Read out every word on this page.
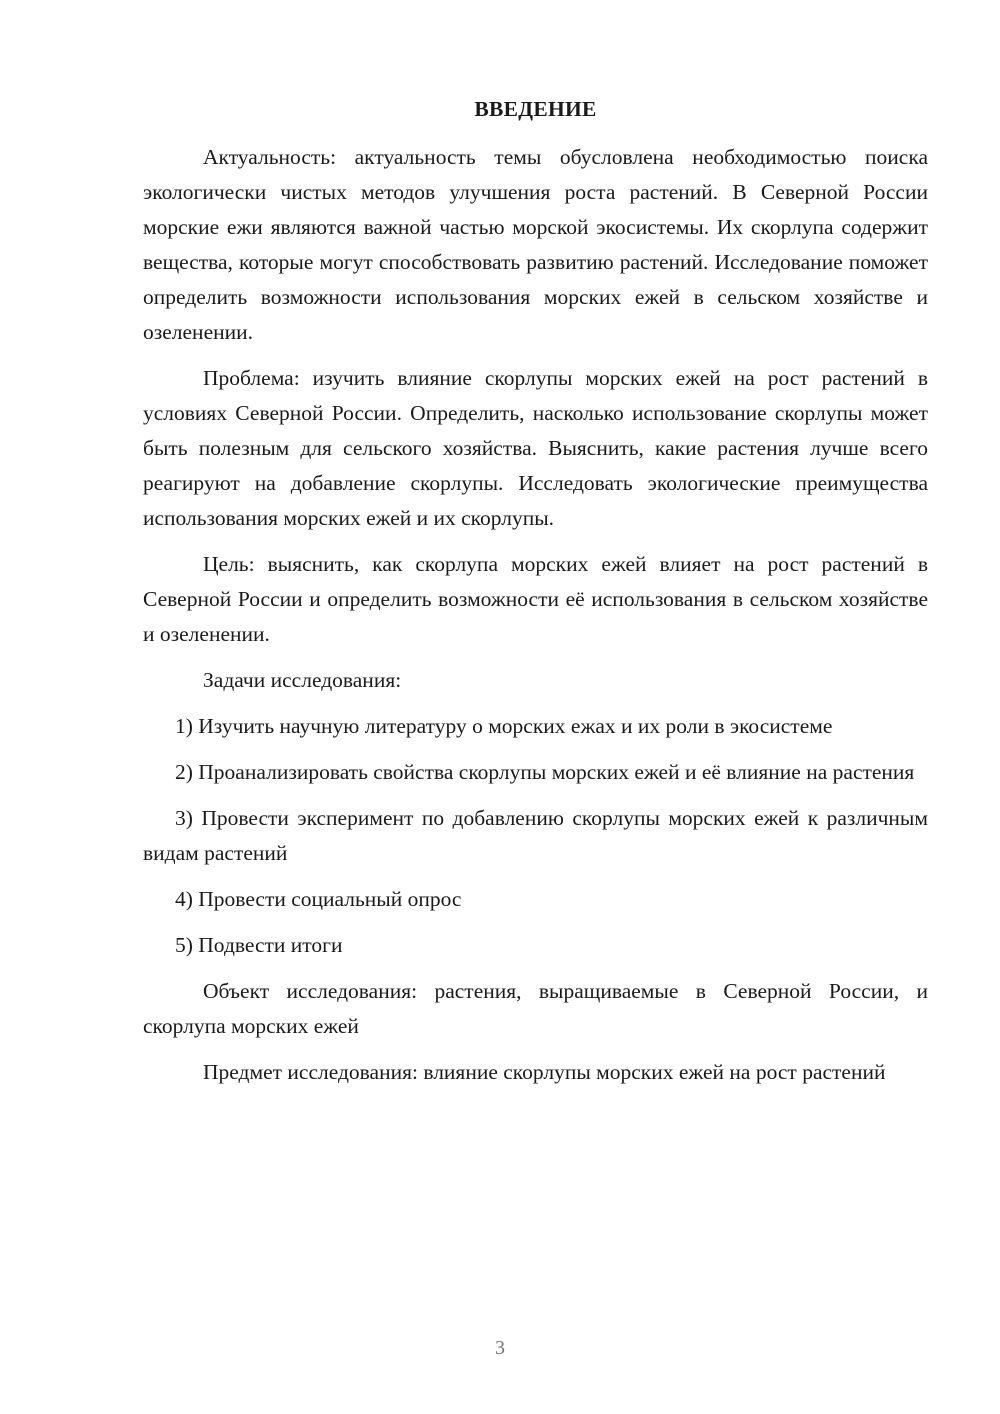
ВВЕДЕНИЕ

Актуальность: актуальность темы обусловлена необходимостью поиска экологически чистых методов улучшения роста растений. В Северной России морские ежи являются важной частью морской экосистемы. Их скорлупа содержит вещества, которые могут способствовать развитию растений. Исследование поможет определить возможности использования морских ежей в сельском хозяйстве и озеленении.

Проблема: изучить влияние скорлупы морских ежей на рост растений в условиях Северной России. Определить, насколько использование скорлупы может быть полезным для сельского хозяйства. Выяснить, какие растения лучше всего реагируют на добавление скорлупы. Исследовать экологические преимущества использования морских ежей и их скорлупы.

Цель: выяснить, как скорлупа морских ежей влияет на рост растений в Северной России и определить возможности её использования в сельском хозяйстве и озеленении.

Задачи исследования:

1) Изучить научную литературу о морских ежах и их роли в экосистеме

2) Проанализировать свойства скорлупы морских ежей и её влияние на растения

3) Провести эксперимент по добавлению скорлупы морских ежей к различным видам растений

4) Провести социальный опрос

5) Подвести итоги

Объект исследования: растения, выращиваемые в Северной России, и скорлупа морских ежей

Предмет исследования: влияние скорлупы морских ежей на рост растений

3
